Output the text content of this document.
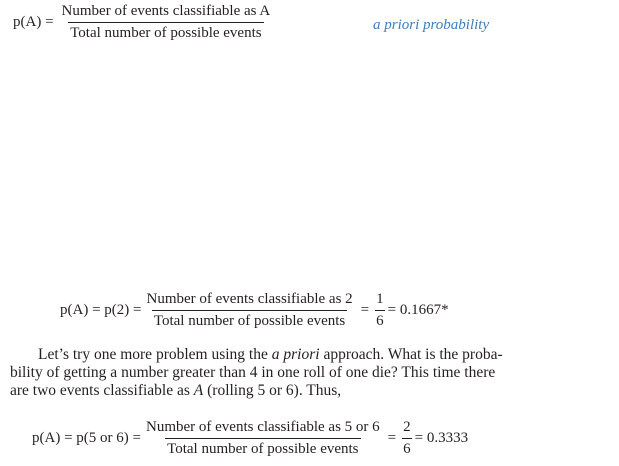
$p(A) = \frac{\text{Number of events classifiable as A}}{\text{Total number of possible events}}$	a priori probability
$p(A) = p(2) = \frac{\text{Number of events classifiable as 2}}{\text{Total number of possible events}} = \frac{1}{6} = 0.1667*$

Let’s try one more problem using the a priori approach. What is the proba-

bility of getting a number greater than 4 in one roll of one die? This time there

are two events classifiable as A (rolling 5 or 6). Thus,

p(A) = p(5 or $6) = \frac{\text{Number of events classifiable as 5 or 6}}{\text{Total number of possible events}} = \frac{2}{6} = 0.3333$
